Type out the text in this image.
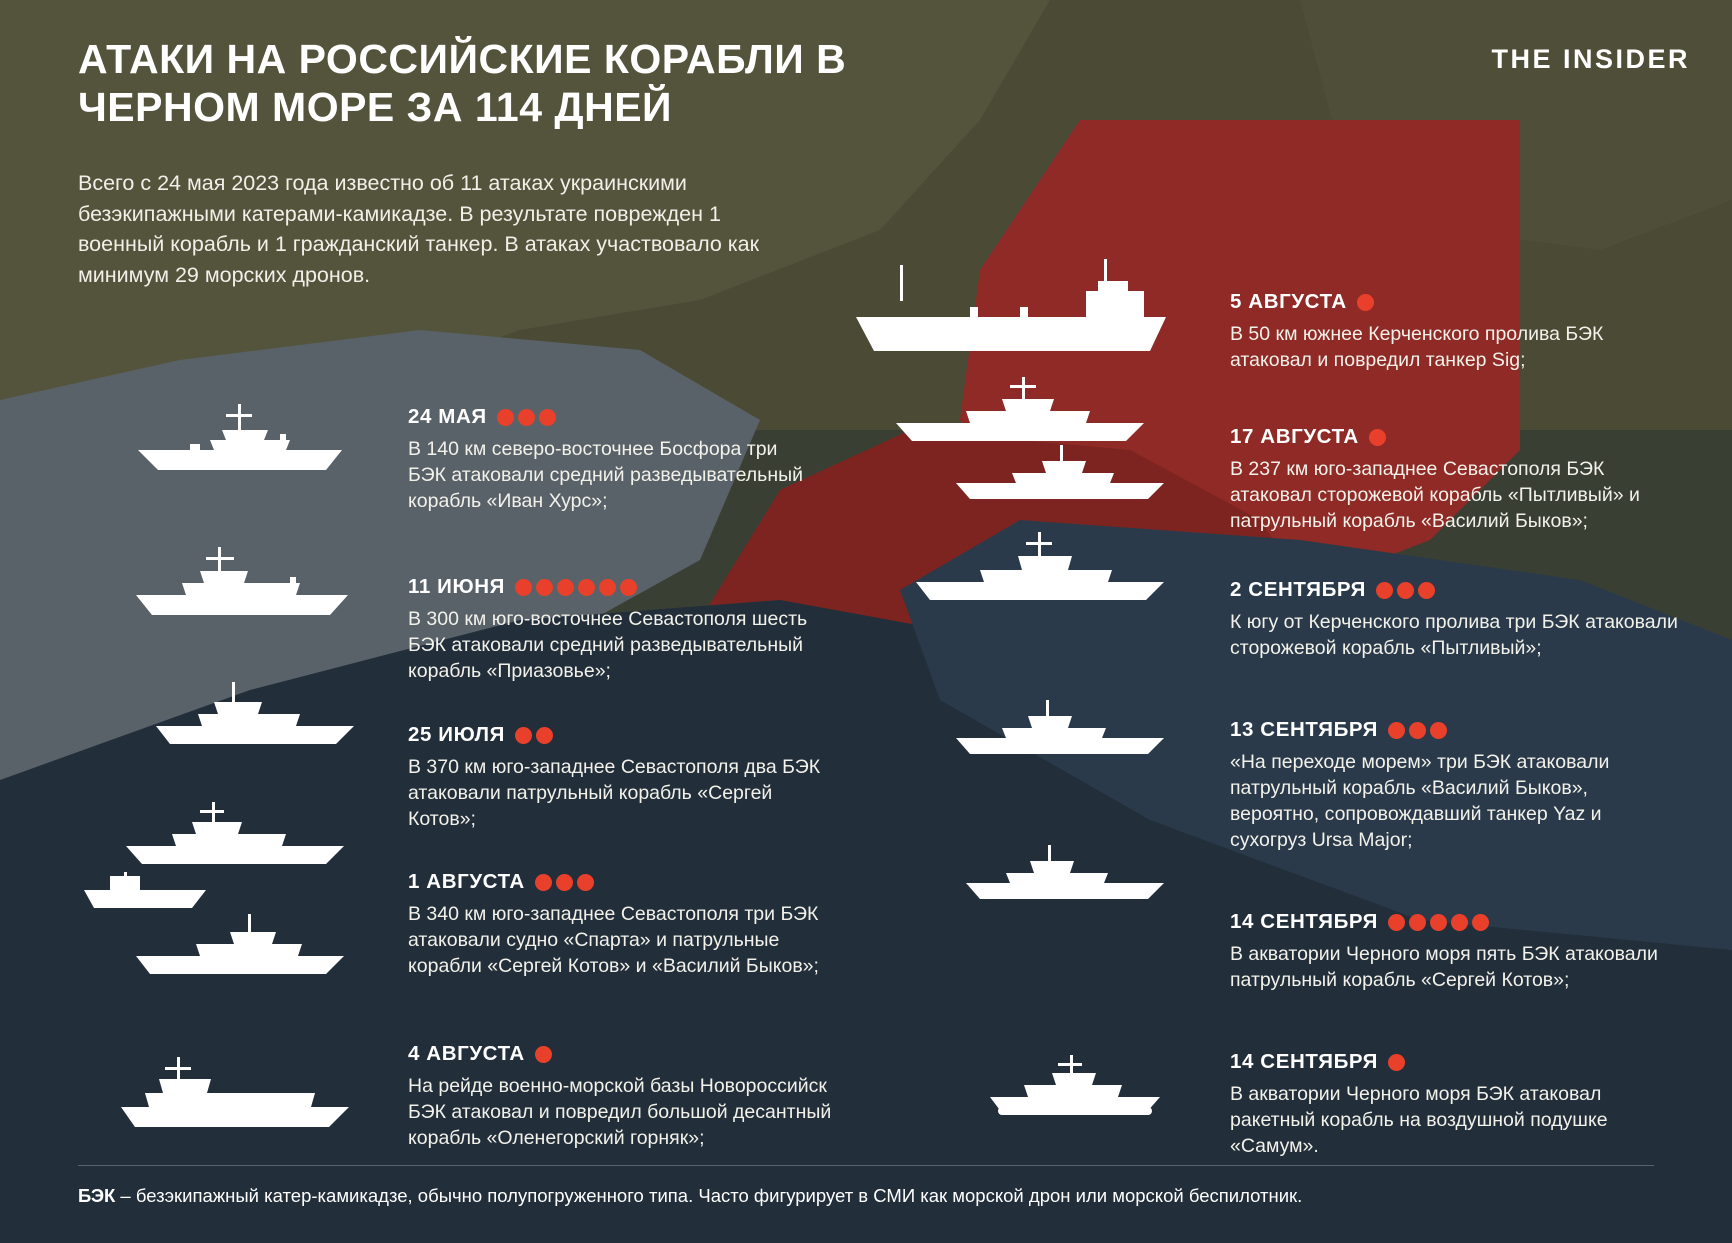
THE INSIDER
АТАКИ НА РОССИЙСКИЕ КОРАБЛИ В ЧЕРНОМ МОРЕ ЗА 114 ДНЕЙ
Всего с 24 мая 2023 года известно об 11 атаках украинскими безэкипажными катерами-камикадзе. В результате поврежден 1 военный корабль и 1 гражданский танкер. В атаках участвовало как минимум 29 морских дронов.
24 МАЯ
В 140 км северо-восточнее Босфора три БЭК атаковали средний разведывательный корабль «Иван Хурс»;
11 ИЮНЯ
В 300 км юго-восточнее Севастополя шесть БЭК атаковали средний разведывательный корабль «Приазовье»;
25 ИЮЛЯ
В 370 км юго-западнее Севастополя два БЭК атаковали патрульный корабль «Сергей Котов»;
1 АВГУСТА
В 340 км юго-западнее Севастополя три БЭК атаковали судно «Спарта» и патрульные корабли «Сергей Котов» и «Василий Быков»;
4 АВГУСТА
На рейде военно-морской базы Новороссийск БЭК атаковал и повредил большой десантный корабль «Оленегорский горняк»;
5 АВГУСТА
В 50 км южнее Керченского пролива БЭК атаковал и повредил танкер Sig;
17 АВГУСТА
В 237 км юго-западнее Севастополя БЭК атаковал сторожевой корабль «Пытливый» и патрульный корабль «Василий Быков»;
2 СЕНТЯБРЯ
К югу от Керченского пролива три БЭК атаковали сторожевой корабль «Пытливый»;
13 СЕНТЯБРЯ
«На переходе морем» три БЭК атаковали патрульный корабль «Василий Быков», вероятно, сопровождавший танкер Yaz и сухогруз Ursa Major;
14 СЕНТЯБРЯ
В акватории Черного моря пять БЭК атаковали патрульный корабль «Сергей Котов»;
14 СЕНТЯБРЯ
В акватории Черного моря БЭК атаковал ракетный корабль на воздушной подушке «Самум».
БЭК – безэкипажный катер-камикадзе, обычно полупогруженного типа. Часто фигурирует в СМИ как морской дрон или морской беспилотник.
